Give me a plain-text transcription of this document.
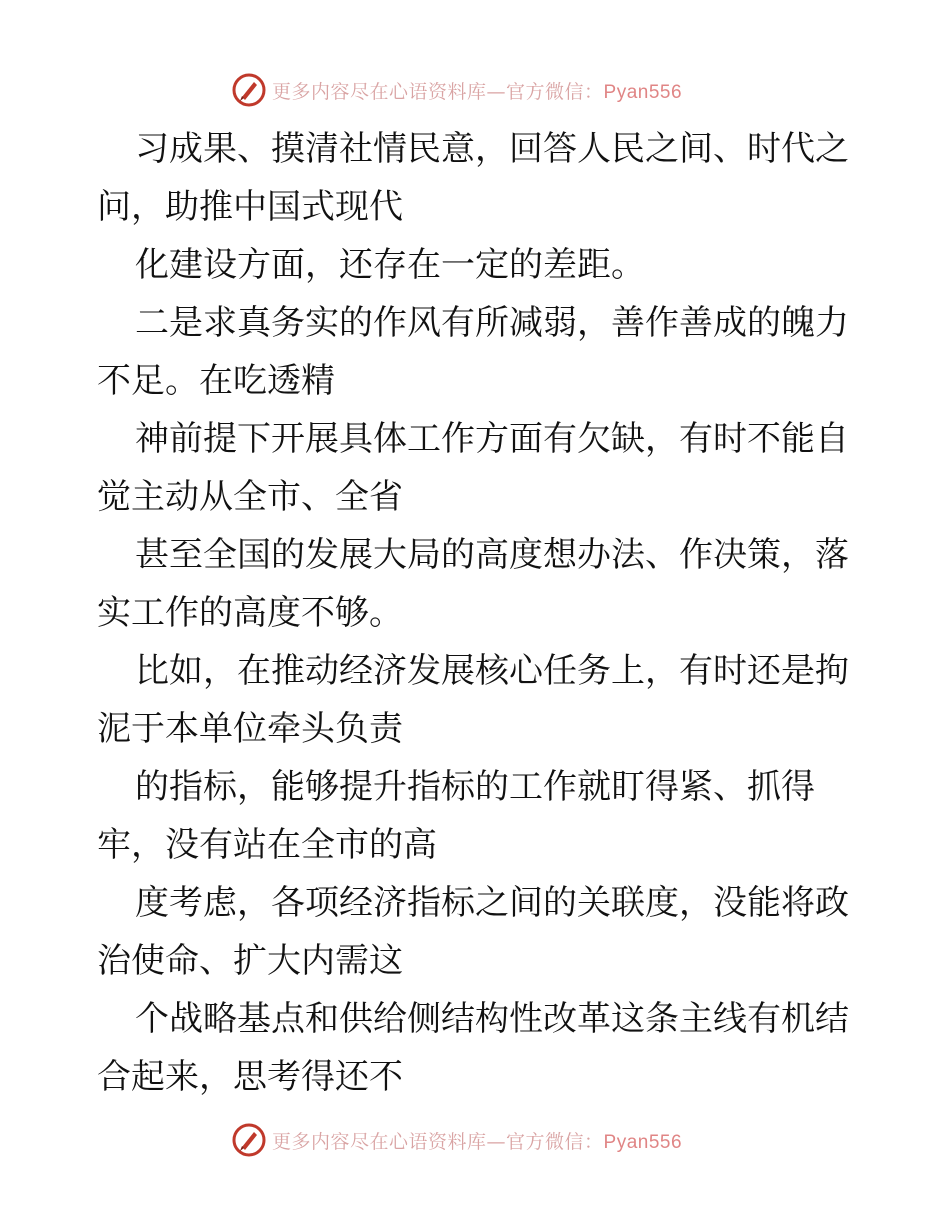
更多内容尽在心语资料库—官方微信：Pyan556

习成果、摸清社情民意，回答人民之间、时代之
问，助推中国式现代

化建设方面，还存在一定的差距。

二是求真务实的作风有所减弱，善作善成的魄力
不足。在吃透精

神前提下开展具体工作方面有欠缺，有时不能自
觉主动从全市、全省

甚至全国的发展大局的高度想办法、作决策，落
实工作的高度不够。

比如，在推动经济发展核心任务上，有时还是拘
泥于本单位牵头负责

的指标，能够提升指标的工作就盯得紧、抓得
牢，没有站在全市的高

度考虑，各项经济指标之间的关联度，没能将政
治使命、扩大内需这

个战略基点和供给侧结构性改革这条主线有机结
合起来，思考得还不

更多内容尽在心语资料库—官方微信：Pyan556
